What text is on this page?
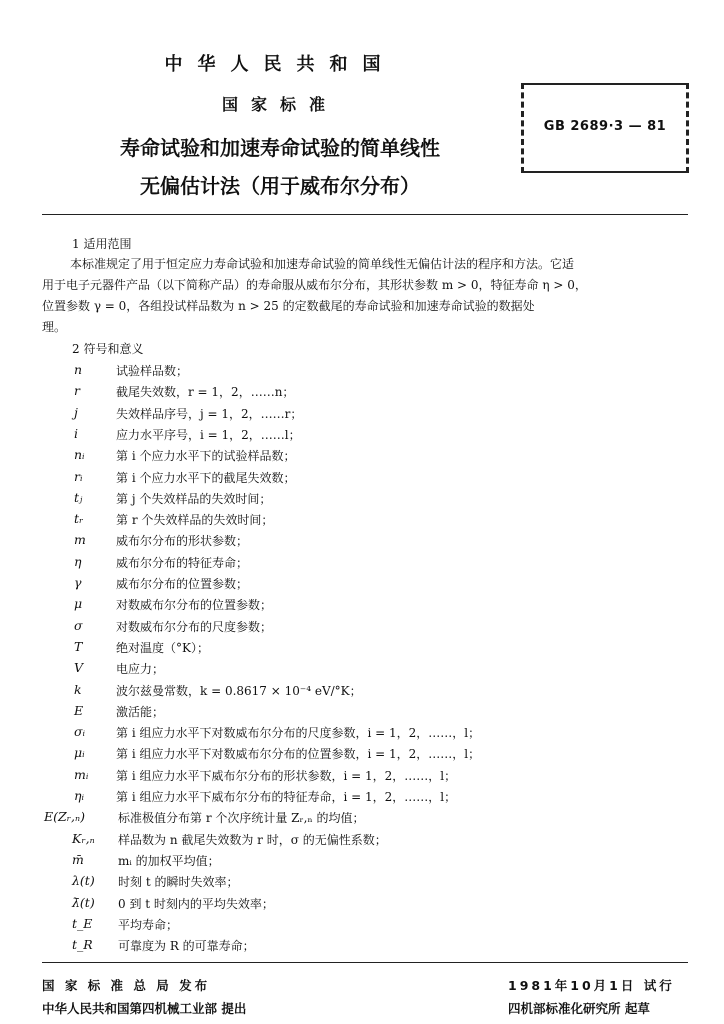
中华人民共和国
国家标准
寿命试验和加速寿命试验的简单线性
无偏估计法（用于威布尔分布）
GB 2689·3 — 81
1 适用范围
本标准规定了用于恒定应力寿命试验和加速寿命试验的简单线性无偏估计法的程序和方法。它适
用于电子元器件产品（以下简称产品）的寿命服从威布尔分布，其形状参数 m > 0，特征寿命 η > 0，
位置参数 γ = 0，各组投试样品数为 n > 25 的定数截尾的寿命试验和加速寿命试验的数据处
理。
2 符号和意义
n	试验样品数；
r	截尾失效数，r = 1，2，……n；
j	失效样品序号，j = 1，2，……r；
i	应力水平序号，i = 1，2，……l；
nᵢ	第 i 个应力水平下的试验样品数；
rᵢ	第 i 个应力水平下的截尾失效数；
tⱼ	第 j 个失效样品的失效时间；
tᵣ	第 r 个失效样品的失效时间；
m	威布尔分布的形状参数；
η	威布尔分布的特征寿命；
γ	威布尔分布的位置参数；
μ	对数威布尔分布的位置参数；
σ	对数威布尔分布的尺度参数；
T	绝对温度（°K）；
V	电应力；
k	波尔兹曼常数，k = 0.8617 × 10⁻⁴ eV/°K；
E	激活能；
σᵢ	第 i 组应力水平下对数威布尔分布的尺度参数，i = 1，2，……，l；
μᵢ	第 i 组应力水平下对数威布尔分布的位置参数，i = 1，2，……，l；
mᵢ 第 i 组应力水平下威布尔分布的形状参数，i = 1，2，……，l；
ηᵢ	第 i 组应力水平下威布尔分布的特征寿命，i = 1，2，……，l；
E(Zᵣ,ₙ)	标准极值分布第 r 个次序统计量 Zᵣ,ₙ 的均值；
Kᵣ,ₙ 样品数为 n 截尾失效数为 r 时，σ 的无偏性系数；
m̄	mᵢ 的加权平均值；
λ(t) 时刻 t 的瞬时失效率；
λ̄(t) 0 到 t 时刻内的平均失效率；
t_E 平均寿命；
t_R 可靠度为 R 的可靠寿命；
国 家 标 准 总 局 发布	1981年10月1日 试行
中华人民共和国第四机械工业部 提出	四机部标准化研究所 起草
